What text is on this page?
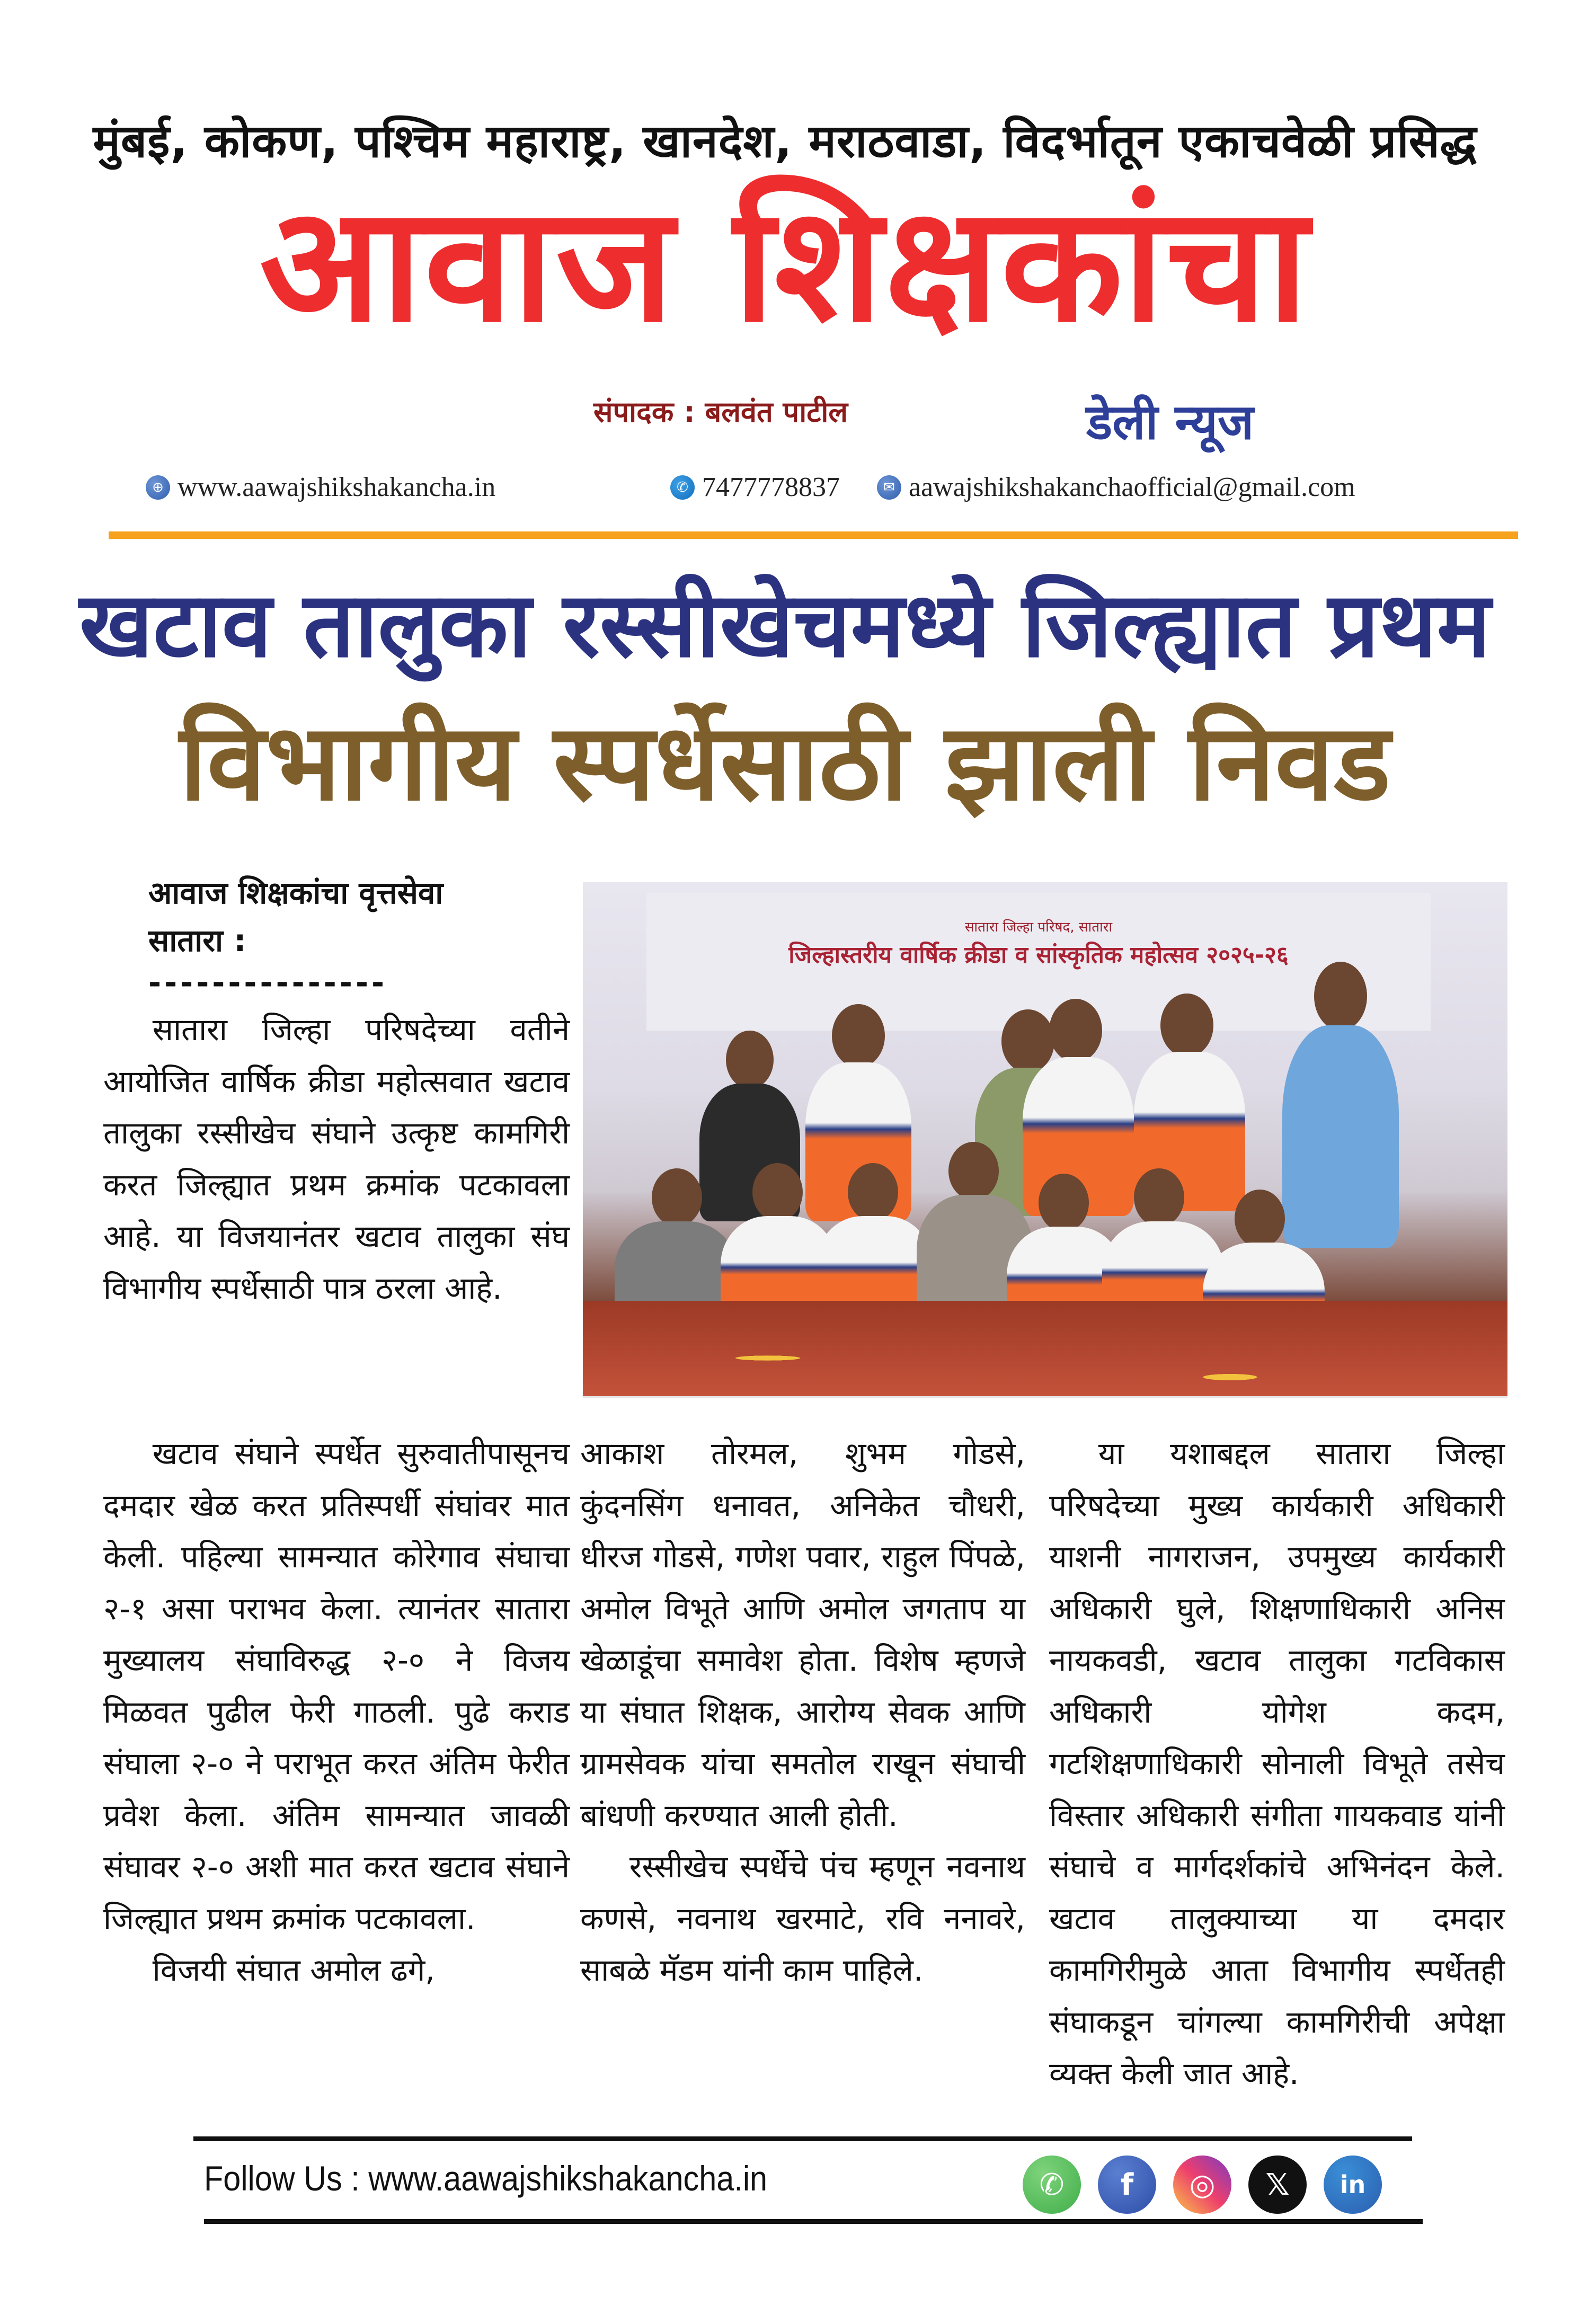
मुंबई, कोकण, पश्चिम महाराष्ट्र, खानदेश, मराठवाडा, विदर्भातून एकाचवेळी प्रसिद्ध
आवाज शिक्षकांचा
संपादक : बलवंत पाटील	डेली न्यूज
⊕ www.aawajshikshakancha.in	✆ 7477778837	✉ aawajshikshakanchaofficial@gmail.com
खटाव तालुका रस्सीखेचमध्ये जिल्ह्यात प्रथम
विभागीय स्पर्धेसाठी झाली निवड
आवाज शिक्षकांचा वृत्तसेवा
सातारा :
---------------

सातारा जिल्हा परिषदेच्या वतीने आयोजित वार्षिक क्रीडा महोत्सवात खटाव तालुका रस्सीखेच संघाने उत्कृष्ट कामगिरी करत जिल्ह्यात प्रथम क्रमांक पटकावला आहे. या विजयानंतर खटाव तालुका संघ विभागीय स्पर्धेसाठी पात्र ठरला आहे.

सातारा जिल्हा परिषद, सातारा
जिल्हास्तरीय वार्षिक क्रीडा व सांस्कृतिक महोत्सव २०२५-२६

खटाव संघाने स्पर्धेत सुरुवातीपासूनच दमदार खेळ करत प्रतिस्पर्धी संघांवर मात केली. पहिल्या सामन्यात कोरेगाव संघाचा २-१ असा पराभव केला. त्यानंतर सातारा मुख्यालय संघाविरुद्ध २-० ने विजय मिळवत पुढील फेरी गाठली. पुढे कराड संघाला २-० ने पराभूत करत अंतिम फेरीत प्रवेश केला. अंतिम सामन्यात जावळी संघावर २-० अशी मात करत खटाव संघाने जिल्ह्यात प्रथम क्रमांक पटकावला.

विजयी संघात अमोल ढगे,

आकाश तोरमल, शुभम गोडसे, कुंदनसिंग धनावत, अनिकेत चौधरी, धीरज गोडसे, गणेश पवार, राहुल पिंपळे, अमोल विभूते आणि अमोल जगताप या खेळाडूंचा समावेश होता. विशेष म्हणजे या संघात शिक्षक, आरोग्य सेवक आणि ग्रामसेवक यांचा समतोल राखून संघाची बांधणी करण्यात आली होती.

रस्सीखेच स्पर्धेचे पंच म्हणून नवनाथ कणसे, नवनाथ खरमाटे, रवि ननावरे, साबळे मॅडम यांनी काम पाहिले.

या यशाबद्दल सातारा जिल्हा परिषदेच्या मुख्य कार्यकारी अधिकारी याशनी नागराजन, उपमुख्य कार्यकारी अधिकारी घुले, शिक्षणाधिकारी अनिस नायकवडी, खटाव तालुका गटविकास अधिकारी योगेश कदम, गटशिक्षणाधिकारी सोनाली विभूते तसेच विस्तार अधिकारी संगीता गायकवाड यांनी संघाचे व मार्गदर्शकांचे अभिनंदन केले. खटाव तालुक्याच्या या दमदार कामगिरीमुळे आता विभागीय स्पर्धेतही संघाकडून चांगल्या कामगिरीची अपेक्षा व्यक्त केली जात आहे.

Follow Us : www.aawajshikshakancha.in	✆	f	◎	𝕏	in
